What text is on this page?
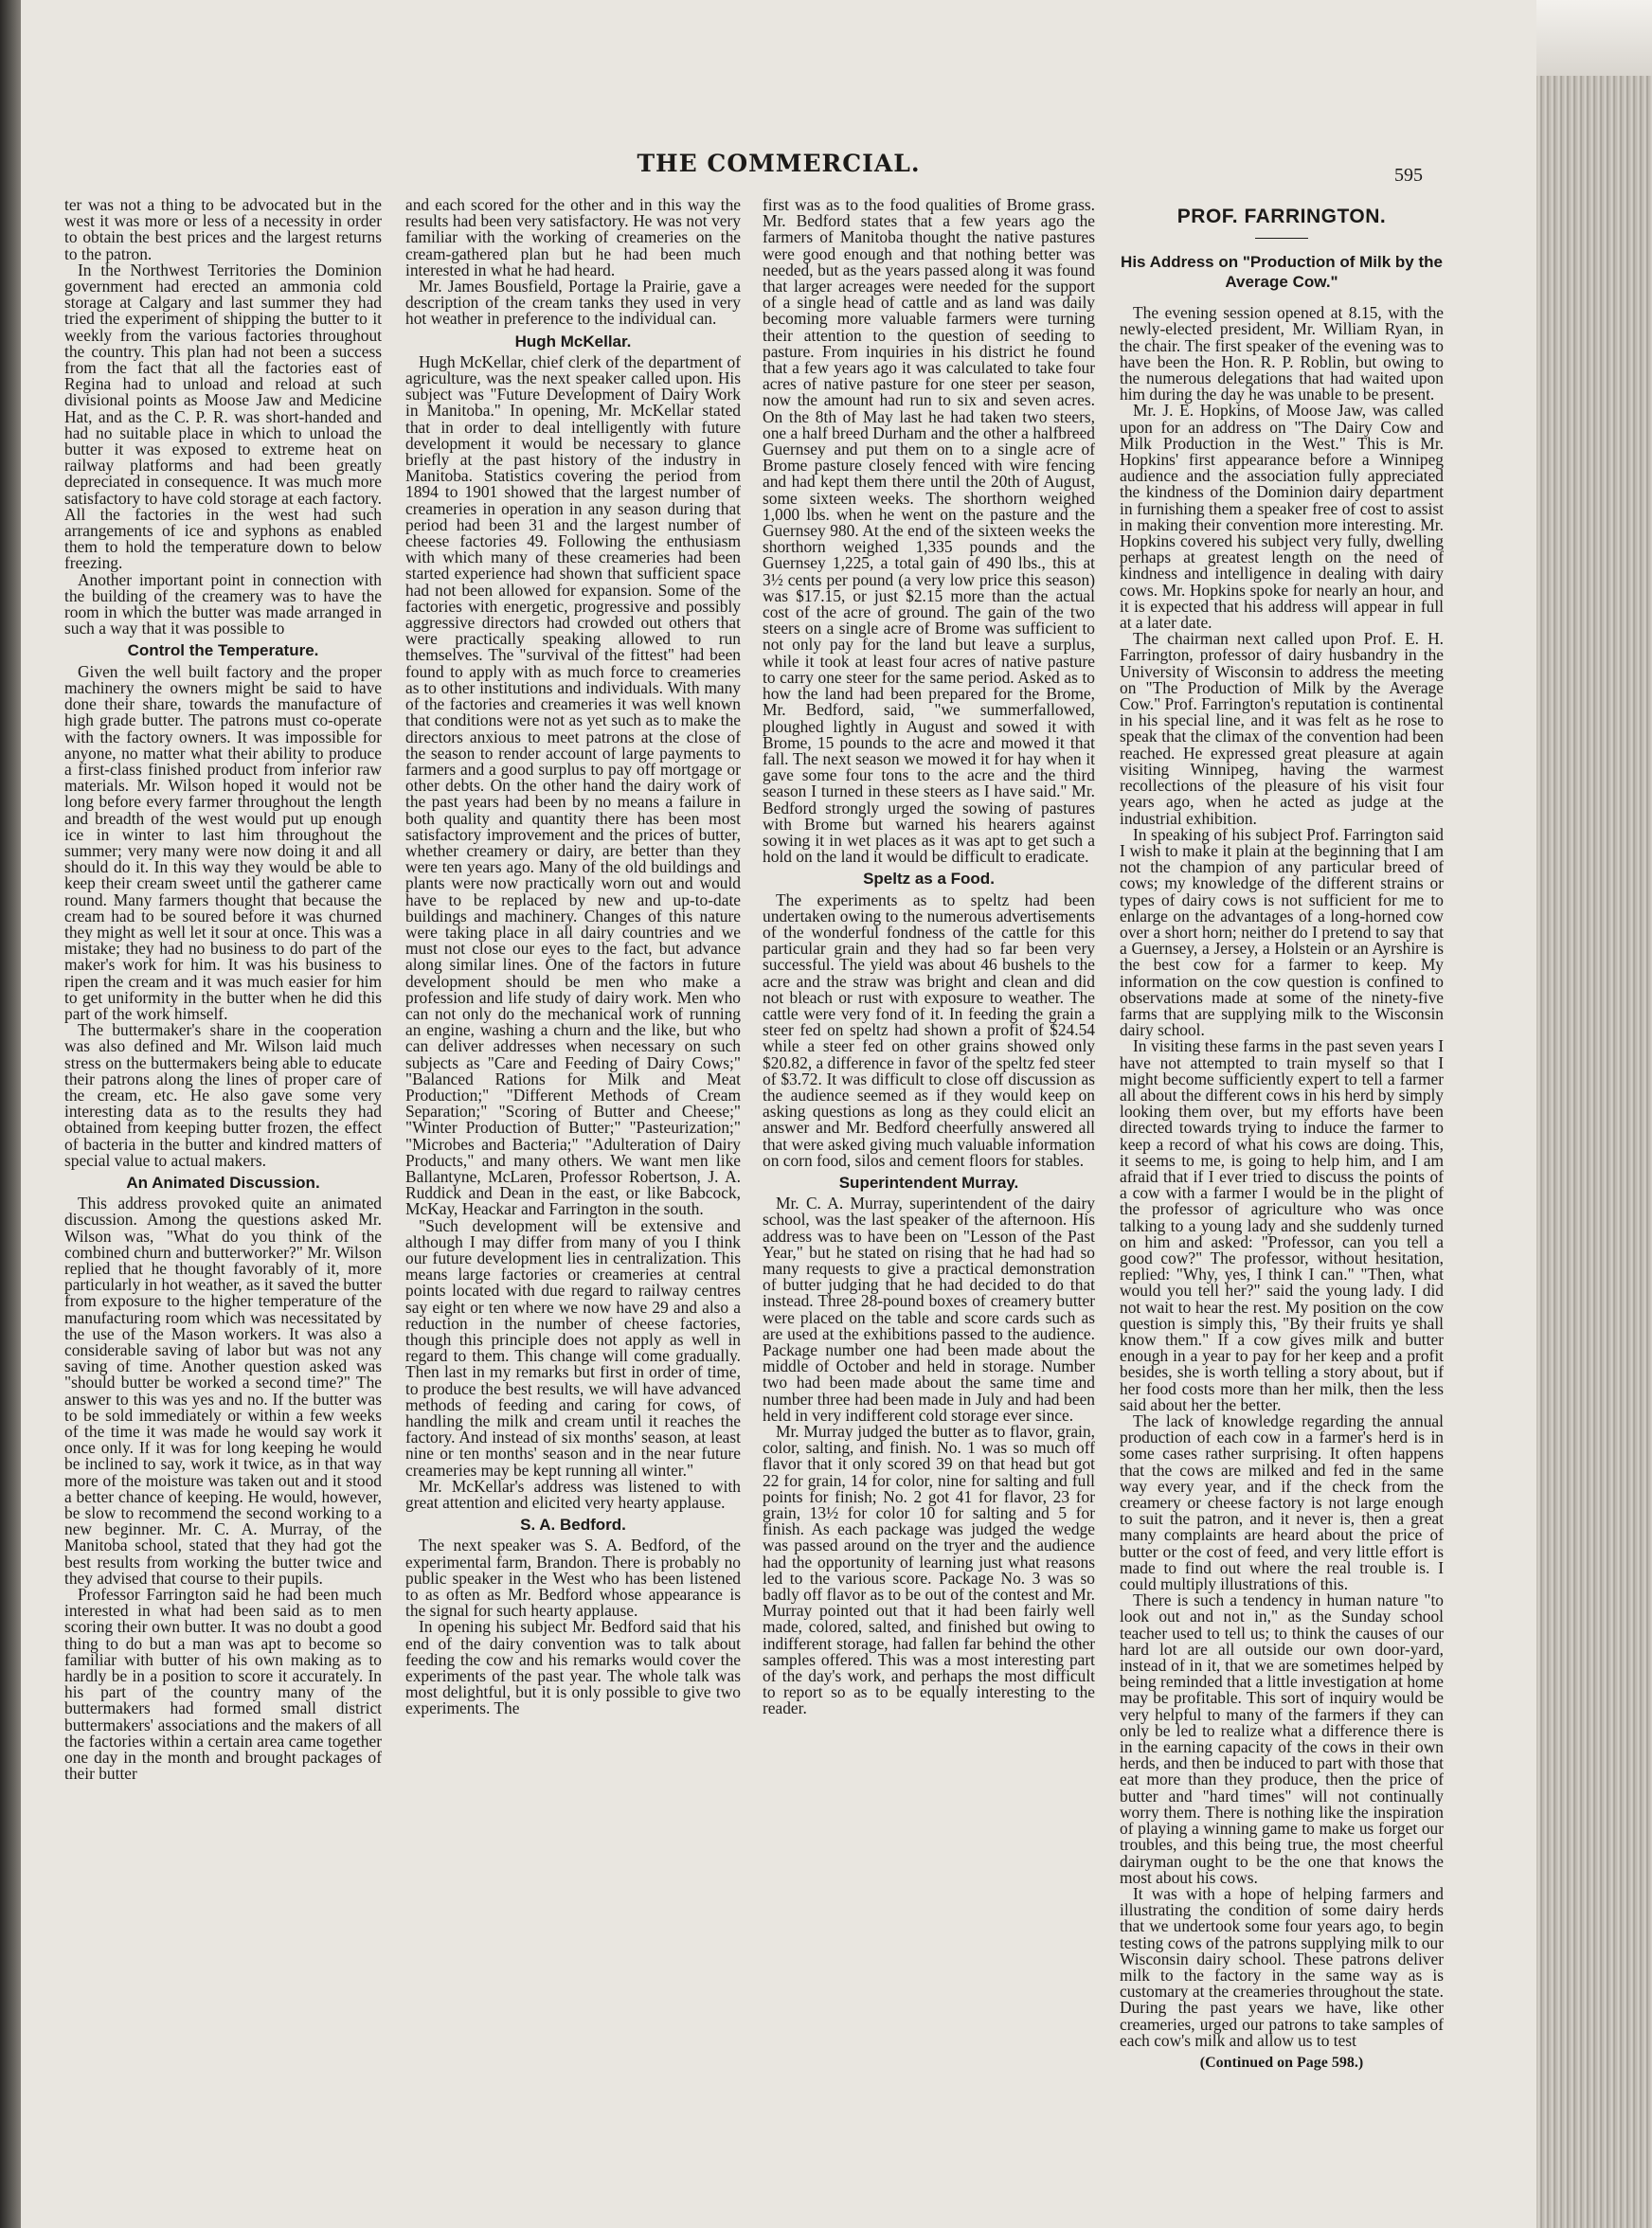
THE COMMERCIAL.	595

ter was not a thing to be advocated but in the west it was more or less of a necessity in order to obtain the best prices and the largest returns to the patron.

In the Northwest Territories the Dominion government had erected an ammonia cold storage at Calgary and last summer they had tried the experiment of shipping the butter to it weekly from the various factories throughout the country. This plan had not been a success from the fact that all the factories east of Regina had to unload and reload at such divisional points as Moose Jaw and Medicine Hat, and as the C. P. R. was short-handed and had no suitable place in which to unload the butter it was exposed to extreme heat on railway platforms and had been greatly depreciated in consequence. It was much more satisfactory to have cold storage at each factory. All the factories in the west had such arrangements of ice and syphons as enabled them to hold the temperature down to below freezing.

Another important point in connection with the building of the creamery was to have the room in which the butter was made arranged in such a way that it was possible to

Control the Temperature.

Given the well built factory and the proper machinery the owners might be said to have done their share, towards the manufacture of high grade butter. The patrons must co-operate with the factory owners. It was impossible for anyone, no matter what their ability to produce a first-class finished product from inferior raw materials. Mr. Wilson hoped it would not be long before every farmer throughout the length and breadth of the west would put up enough ice in winter to last him throughout the summer; very many were now doing it and all should do it. In this way they would be able to keep their cream sweet until the gatherer came round. Many farmers thought that because the cream had to be soured before it was churned they might as well let it sour at once. This was a mistake; they had no business to do part of the maker's work for him. It was his business to ripen the cream and it was much easier for him to get uniformity in the butter when he did this part of the work himself.

The buttermaker's share in the cooperation was also defined and Mr. Wilson laid much stress on the buttermakers being able to educate their patrons along the lines of proper care of the cream, etc. He also gave some very interesting data as to the results they had obtained from keeping butter frozen, the effect of bacteria in the butter and kindred matters of special value to actual makers.

An Animated Discussion.

This address provoked quite an animated discussion. Among the questions asked Mr. Wilson was, "What do you think of the combined churn and butterworker?" Mr. Wilson replied that he thought favorably of it, more particularly in hot weather, as it saved the butter from exposure to the higher temperature of the manufacturing room which was necessitated by the use of the Mason workers. It was also a considerable saving of labor but was not any saving of time. Another question asked was "should butter be worked a second time?" The answer to this was yes and no. If the butter was to be sold immediately or within a few weeks of the time it was made he would say work it once only. If it was for long keeping he would be inclined to say, work it twice, as in that way more of the moisture was taken out and it stood a better chance of keeping. He would, however, be slow to recommend the second working to a new beginner. Mr. C. A. Murray, of the Manitoba school, stated that they had got the best results from working the butter twice and they advised that course to their pupils.

Professor Farrington said he had been much interested in what had been said as to men scoring their own butter. It was no doubt a good thing to do but a man was apt to become so familiar with butter of his own making as to hardly be in a position to score it accurately. In his part of the country many of the buttermakers had formed small district buttermakers' associations and the makers of all the factories within a certain area came together one day in the month and brought packages of their butter

and each scored for the other and in this way the results had been very satisfactory. He was not very familiar with the working of creameries on the cream-gathered plan but he had been much interested in what he had heard.

Mr. James Bousfield, Portage la Prairie, gave a description of the cream tanks they used in very hot weather in preference to the individual can.

Hugh McKellar.

Hugh McKellar, chief clerk of the department of agriculture, was the next speaker called upon. His subject was "Future Development of Dairy Work in Manitoba." In opening, Mr. McKellar stated that in order to deal intelligently with future development it would be necessary to glance briefly at the past history of the industry in Manitoba. Statistics covering the period from 1894 to 1901 showed that the largest number of creameries in operation in any season during that period had been 31 and the largest number of cheese factories 49. Following the enthusiasm with which many of these creameries had been started experience had shown that sufficient space had not been allowed for expansion. Some of the factories with energetic, progressive and possibly aggressive directors had crowded out others that were practically speaking allowed to run themselves. The "survival of the fittest" had been found to apply with as much force to creameries as to other institutions and individuals. With many of the factories and creameries it was well known that conditions were not as yet such as to make the directors anxious to meet patrons at the close of the season to render account of large payments to farmers and a good surplus to pay off mortgage or other debts. On the other hand the dairy work of the past years had been by no means a failure in both quality and quantity there has been most satisfactory improvement and the prices of butter, whether creamery or dairy, are better than they were ten years ago. Many of the old buildings and plants were now practically worn out and would have to be replaced by new and up-to-date buildings and machinery. Changes of this nature were taking place in all dairy countries and we must not close our eyes to the fact, but advance along similar lines. One of the factors in future development should be men who make a profession and life study of dairy work. Men who can not only do the mechanical work of running an engine, washing a churn and the like, but who can deliver addresses when necessary on such subjects as "Care and Feeding of Dairy Cows;" "Balanced Rations for Milk and Meat Production;" "Different Methods of Cream Separation;" "Scoring of Butter and Cheese;" "Winter Production of Butter;" "Pasteurization;" "Microbes and Bacteria;" "Adulteration of Dairy Products," and many others. We want men like Ballantyne, McLaren, Professor Robertson, J. A. Ruddick and Dean in the east, or like Babcock, McKay, Heackar and Farrington in the south.

"Such development will be extensive and although I may differ from many of you I think our future development lies in centralization. This means large factories or creameries at central points located with due regard to railway centres say eight or ten where we now have 29 and also a reduction in the number of cheese factories, though this principle does not apply as well in regard to them. This change will come gradually. Then last in my remarks but first in order of time, to produce the best results, we will have advanced methods of feeding and caring for cows, of handling the milk and cream until it reaches the factory. And instead of six months' season, at least nine or ten months' season and in the near future creameries may be kept running all winter."

Mr. McKellar's address was listened to with great attention and elicited very hearty applause.

S. A. Bedford.

The next speaker was S. A. Bedford, of the experimental farm, Brandon. There is probably no public speaker in the West who has been listened to as often as Mr. Bedford whose appearance is the signal for such hearty applause.

In opening his subject Mr. Bedford said that his end of the dairy convention was to talk about feeding the cow and his remarks would cover the experiments of the past year. The whole talk was most delightful, but it is only possible to give two experiments. The

first was as to the food qualities of Brome grass. Mr. Bedford states that a few years ago the farmers of Manitoba thought the native pastures were good enough and that nothing better was needed, but as the years passed along it was found that larger acreages were needed for the support of a single head of cattle and as land was daily becoming more valuable farmers were turning their attention to the question of seeding to pasture. From inquiries in his district he found that a few years ago it was calculated to take four acres of native pasture for one steer per season, now the amount had run to six and seven acres. On the 8th of May last he had taken two steers, one a half breed Durham and the other a halfbreed Guernsey and put them on to a single acre of Brome pasture closely fenced with wire fencing and had kept them there until the 20th of August, some sixteen weeks. The shorthorn weighed 1,000 lbs. when he went on the pasture and the Guernsey 980. At the end of the sixteen weeks the shorthorn weighed 1,335 pounds and the Guernsey 1,225, a total gain of 490 lbs., this at 3½ cents per pound (a very low price this season) was $17.15, or just $2.15 more than the actual cost of the acre of ground. The gain of the two steers on a single acre of Brome was sufficient to not only pay for the land but leave a surplus, while it took at least four acres of native pasture to carry one steer for the same period. Asked as to how the land had been prepared for the Brome, Mr. Bedford, said, "we summerfallowed, ploughed lightly in August and sowed it with Brome, 15 pounds to the acre and mowed it that fall. The next season we mowed it for hay when it gave some four tons to the acre and the third season I turned in these steers as I have said." Mr. Bedford strongly urged the sowing of pastures with Brome but warned his hearers against sowing it in wet places as it was apt to get such a hold on the land it would be difficult to eradicate.

Speltz as a Food.

The experiments as to speltz had been undertaken owing to the numerous advertisements of the wonderful fondness of the cattle for this particular grain and they had so far been very successful. The yield was about 46 bushels to the acre and the straw was bright and clean and did not bleach or rust with exposure to weather. The cattle were very fond of it. In feeding the grain a steer fed on speltz had shown a profit of $24.54 while a steer fed on other grains showed only $20.82, a difference in favor of the speltz fed steer of $3.72. It was difficult to close off discussion as the audience seemed as if they would keep on asking questions as long as they could elicit an answer and Mr. Bedford cheerfully answered all that were asked giving much valuable information on corn food, silos and cement floors for stables.

Superintendent Murray.

Mr. C. A. Murray, superintendent of the dairy school, was the last speaker of the afternoon. His address was to have been on "Lesson of the Past Year," but he stated on rising that he had had so many requests to give a practical demonstration of butter judging that he had decided to do that instead. Three 28-pound boxes of creamery butter were placed on the table and score cards such as are used at the exhibitions passed to the audience. Package number one had been made about the middle of October and held in storage. Number two had been made about the same time and number three had been made in July and had been held in very indifferent cold storage ever since.

Mr. Murray judged the butter as to flavor, grain, color, salting, and finish. No. 1 was so much off flavor that it only scored 39 on that head but got 22 for grain, 14 for color, nine for salting and full points for finish; No. 2 got 41 for flavor, 23 for grain, 13½ for color 10 for salting and 5 for finish. As each package was judged the wedge was passed around on the tryer and the audience had the opportunity of learning just what reasons led to the various score. Package No. 3 was so badly off flavor as to be out of the contest and Mr. Murray pointed out that it had been fairly well made, colored, salted, and finished but owing to indifferent storage, had fallen far behind the other samples offered. This was a most interesting part of the day's work, and perhaps the most difficult to report so as to be equally interesting to the reader.

PROF. FARRINGTON.
His Address on "Production of Milk by the Average Cow."

The evening session opened at 8.15, with the newly-elected president, Mr. William Ryan, in the chair. The first speaker of the evening was to have been the Hon. R. P. Roblin, but owing to the numerous delegations that had waited upon him during the day he was unable to be present.

Mr. J. E. Hopkins, of Moose Jaw, was called upon for an address on "The Dairy Cow and Milk Production in the West." This is Mr. Hopkins' first appearance before a Winnipeg audience and the association fully appreciated the kindness of the Dominion dairy department in furnishing them a speaker free of cost to assist in making their convention more interesting. Mr. Hopkins covered his subject very fully, dwelling perhaps at greatest length on the need of kindness and intelligence in dealing with dairy cows. Mr. Hopkins spoke for nearly an hour, and it is expected that his address will appear in full at a later date.

The chairman next called upon Prof. E. H. Farrington, professor of dairy husbandry in the University of Wisconsin to address the meeting on "The Production of Milk by the Average Cow." Prof. Farrington's reputation is continental in his special line, and it was felt as he rose to speak that the climax of the convention had been reached. He expressed great pleasure at again visiting Winnipeg, having the warmest recollections of the pleasure of his visit four years ago, when he acted as judge at the industrial exhibition.

In speaking of his subject Prof. Farrington said I wish to make it plain at the beginning that I am not the champion of any particular breed of cows; my knowledge of the different strains or types of dairy cows is not sufficient for me to enlarge on the advantages of a long-horned cow over a short horn; neither do I pretend to say that a Guernsey, a Jersey, a Holstein or an Ayrshire is the best cow for a farmer to keep. My information on the cow question is confined to observations made at some of the ninety-five farms that are supplying milk to the Wisconsin dairy school.

In visiting these farms in the past seven years I have not attempted to train myself so that I might become sufficiently expert to tell a farmer all about the different cows in his herd by simply looking them over, but my efforts have been directed towards trying to induce the farmer to keep a record of what his cows are doing. This, it seems to me, is going to help him, and I am afraid that if I ever tried to discuss the points of a cow with a farmer I would be in the plight of the professor of agriculture who was once talking to a young lady and she suddenly turned on him and asked: "Professor, can you tell a good cow?" The professor, without hesitation, replied: "Why, yes, I think I can." "Then, what would you tell her?" said the young lady. I did not wait to hear the rest. My position on the cow question is simply this, "By their fruits ye shall know them." If a cow gives milk and butter enough in a year to pay for her keep and a profit besides, she is worth telling a story about, but if her food costs more than her milk, then the less said about her the better.

The lack of knowledge regarding the annual production of each cow in a farmer's herd is in some cases rather surprising. It often happens that the cows are milked and fed in the same way every year, and if the check from the creamery or cheese factory is not large enough to suit the patron, and it never is, then a great many complaints are heard about the price of butter or the cost of feed, and very little effort is made to find out where the real trouble is. I could multiply illustrations of this.

There is such a tendency in human nature "to look out and not in," as the Sunday school teacher used to tell us; to think the causes of our hard lot are all outside our own door-yard, instead of in it, that we are sometimes helped by being reminded that a little investigation at home may be profitable. This sort of inquiry would be very helpful to many of the farmers if they can only be led to realize what a difference there is in the earning capacity of the cows in their own herds, and then be induced to part with those that eat more than they produce, then the price of butter and "hard times" will not continually worry them. There is nothing like the inspiration of playing a winning game to make us forget our troubles, and this being true, the most cheerful dairyman ought to be the one that knows the most about his cows.

It was with a hope of helping farmers and illustrating the condition of some dairy herds that we undertook some four years ago, to begin testing cows of the patrons supplying milk to our Wisconsin dairy school. These patrons deliver milk to the factory in the same way as is customary at the creameries throughout the state. During the past years we have, like other creameries, urged our patrons to take samples of each cow's milk and allow us to test

(Continued on Page 598.)
